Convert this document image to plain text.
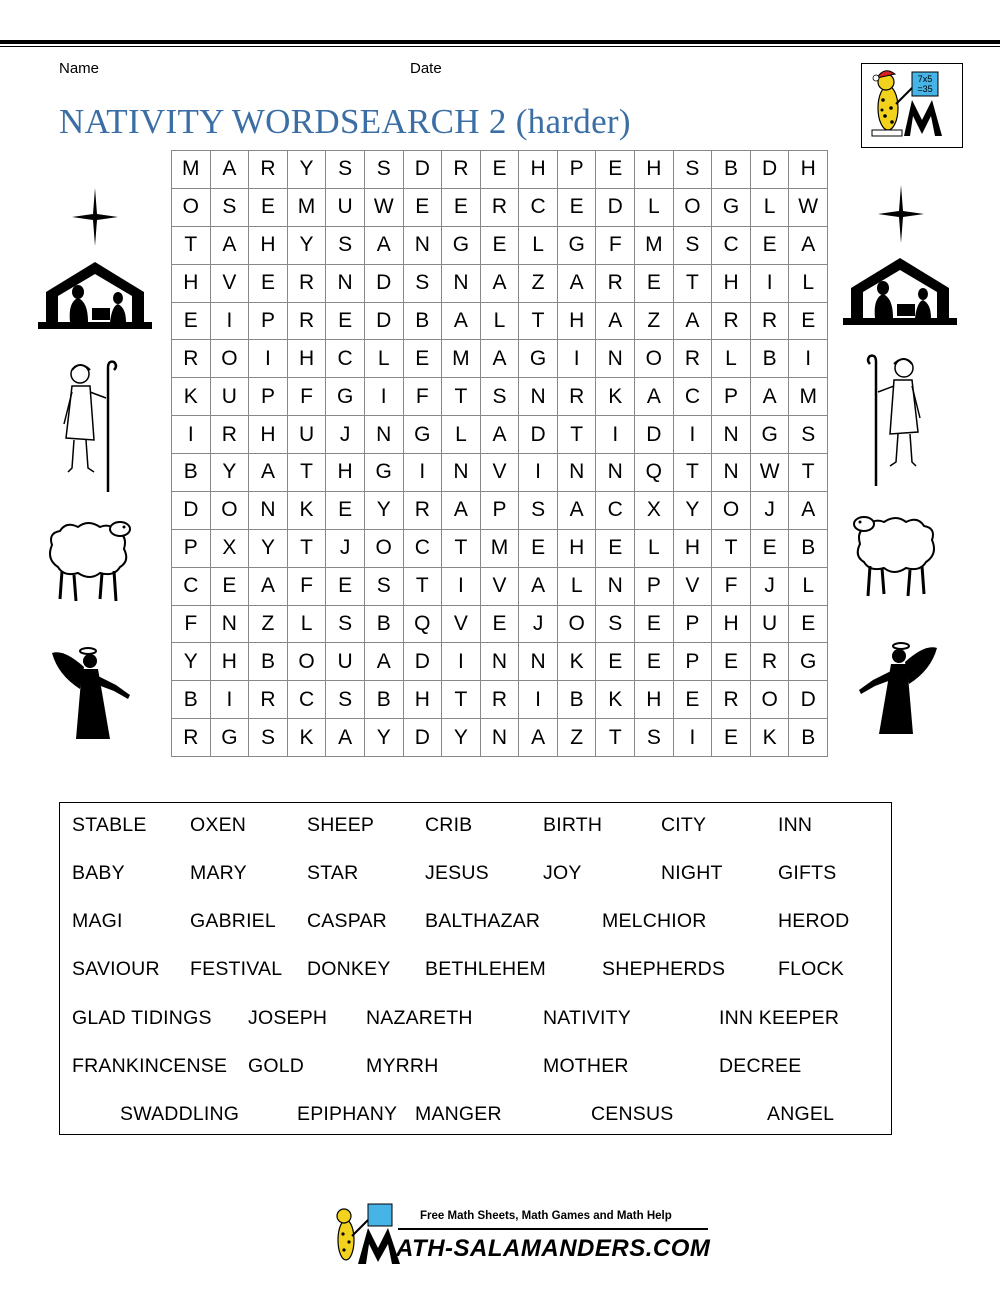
Name	Date
NATIVITY WORDSEARCH 2 (harder)
7x5
=35
M	A	R	Y	S	S	D	R	E	H	P	E	H	S	B	D	H
O	S	E	M	U	W	E	E	R	C	E	D	L	O	G	L	W
T	A	H	Y	S	A	N	G	E	L	G	F	M	S	C	E	A
H	V	E	R	N	D	S	N	A	Z	A	R	E	T	H	I	L
E	I	P	R	E	D	B	A	L	T	H	A	Z	A	R	R	E
R	O	I	H	C	L	E	M	A	G	I	N	O	R	L	B	I
K	U	P	F	G	I	F	T	S	N	R	K	A	C	P	A	M
I	R	H	U	J	N	G	L	A	D	T	I	D	I	N	G	S
B	Y	A	T	H	G	I	N	V	I	N	N	Q	T	N	W	T
D	O	N	K	E	Y	R	A	P	S	A	C	X	Y	O	J	A
P	X	Y	T	J	O	C	T	M	E	H	E	L	H	T	E	B
C	E	A	F	E	S	T	I	V	A	L	N	P	V	F	J	L
F	N	Z	L	S	B	Q	V	E	J	O	S	E	P	H	U	E
Y	H	B	O	U	A	D	I	N	N	K	E	E	P	E	R	G
B	I	R	C	S	B	H	T	R	I	B	K	H	E	R	O	D
R	G	S	K	A	Y	D	Y	N	A	Z	T	S	I	E	K	B
STABLE OXEN	SHEEP	CRIB	BIRTH	CITY	INN
BABY	MARY	STAR	JESUS	JOY	NIGHT	GIFTS
MAGI	GABRIEL CASPAR BALTHAZAR	MELCHIOR	HEROD
SAVIOUR FESTIVAL DONKEY BETHLEHEM	SHEPHERDS	FLOCK
GLAD TIDINGS JOSEPH NAZARETH	NATIVITY	INN KEEPER
FRANKINCENSE GOLD	MYRRH	MOTHER	DECREE
SWADDLING	EPIPHANY MANGER	CENSUS	ANGEL
Free Math Sheets, Math Games and Math Help
ATH-SALAMANDERS.COM
